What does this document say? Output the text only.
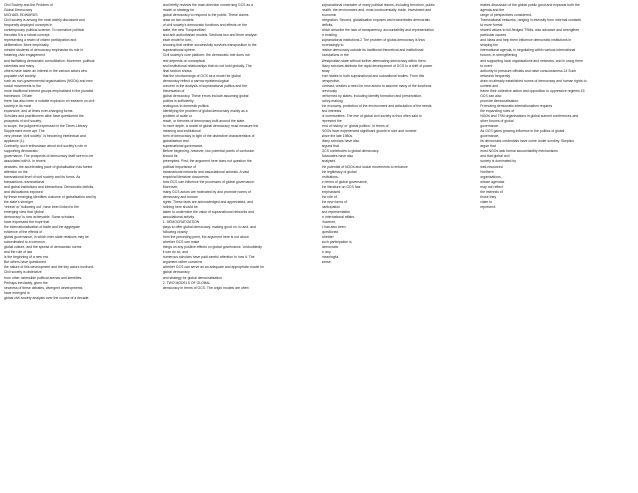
Civil Society and the Problem of

Global Democracy

MICHAEL EDWARDS

Civil society is among the most widely discussed and

frequently deployed concepts in

contemporary political science. To normative political

theorists it is a robust concept

representing a realm of citizen participation and

deliberation. More empirically

minded students of democracy emphasise its role in

fostering civic engagement

and facilitating democratic consolidation. Moreover, political

scientists and many

others have taken an interest in the various actors who

populate civil society,

such as non-governmental organisations (NGOs) and new

social movements to the

more traditional interest groups emphasised in the pluralist

framework. Of late

there has also been a notable explosion of research on civil

society in its most

expansive, and at times ever-changing forms.

Scholars and practitioners alike have questioned the

prospects of civil society,

in scope, the judgment expressed in the Times Literary

Supplement more apt. The

very phrase 'civil society', is becoming intellectual and

appliance (1).

Contrarily, such enthusiasm about civil society's role in

supporting democratic

governance. The prospects of democracy itself seem to be

associated with it. In recent

decades, the accelerating pace of globalisation has fueled

attention on the

transnational level of civil society and its forms. As

transactions, transnational

and global institutions and interactions. Democratic deficits,

and dislocations exposed

by these emerging identities outcome of globalisation and by

the state's stronger

'retreat' or 'hollowing out', have been linked to the

emerging view that 'global

democracy' is now achievable. Some scholars

have expressed the hope that

the internationalisation of trade and the aggregate

evidence of the effects of

global governance, in which inter-state relations may be

subordinated to a common

global culture, and the spread of democratic norms

and the rule of law

is the beginning of a new era.

But others have questioned

the nature of this development and the key actors involved.

Civil society is distinctive

from other ostensible political arenas and identities.

Perhaps inevitably, given the

newness of these debates, divergent developments

have emerged in

global civil society analysis over the course of a decade.

and briefly reviews the main direction concerning GCS as a

model or strategy for

global democracy to respond to the public. These claims

draw on two models

of civil society's democratic functions and effects on the

state, the new 'Tocquevillian'

and anti-authoritarian models. Sections two and three analyse

each model in turn,

showing that neither successfully survives transposition to the

supranational sphere.

Civil society's core platform: the democratic role does not

rest depends on conceptual

and institutional relationships that do not hold globally. The

final section shows

that the shortcomings of GCS as a model for global

democracy reflect a narrow epistemological

concern in the analysis of supranational politics and the

theorisation of

global democracy. These errors include assuming global

politics is sufficiently

analogous to domestic politics.

Identifying the problem of global democracy mainly as a

problem of scale or

reach, or theories of democracy built around the state.

In more depth, a model of global democracy must measure the

meaning and institutional

form of democracy in light of the distinctive characteristics of

globalisation and

supranational governance.

Before beginning, however, two potential points of confusion

should be

preempted. First, the argument here does not question the

political importance of

transnational networks and associational activists. A vast

empirical literature documents

how GCS can influence the processes of global governance.

Moreover,

many GCS actors are motivated by and promote norms of

democracy and human

rights. These facts are acknowledged and appreciated, and

nothing here should be

taken to undermine the value of supranational networks and

associational activity.

1. DEMOCRATIZATION

plays to offer global democracy: making good on, to and, and

following closely

from the preceding point, the argument here is not about

whether GCS can make

things on any positive effects on global governance. Undoubtedly

it can do so, and

numerous scholars have paid careful attention to how it. The

argument rather concerns

whether GCS can serve as an adequate and appropriate model for

global democracy

and strategy for global democratisation.

2. TWO MODELS OF GLOBAL

democracy in terms of GCS. The origin models are often

supranational character of many political issues, including terrorism, public

health, the environment and, most controversially, trade, investment and

economic

integration. Second, globalisation exposes and exacerbates democratic

deficits,

which describe the lack of transparency, accountability and representation

in existing

supranational institutions.2 The problem of global democracy is thus

increasingly to

realise democracy outside its traditional theoretical and institutional

foundations in the

Westphalian state without further attenuating democracy within them.

Many scholars attribute the rapid development of GCS to a shift of power

away

from states to both supranational and subnational bodies. From this

perspective,

contrast, creates a need for new actors to assume many of the functions

previously

performed by states, including identify formation and preservation,

policy-making,

the economy, protection of the environment and articulation of the needs

and interests

of communities. The rise of global civil society is thus often said to

represent the

'end of history' or 'global politics'. In terms of

NGOs have experienced significant growth in size and number

since the late 1980s.

Many scholars have also

argued that

GCS contributes to global democracy.

Advocates have also

analysed

the potential of NGOs and social movements to enhance

the legitimacy of global

institutions.

In terms of global governance,

the literature on GCS has

emphasised

the role of

the new forms of

participation

and representation

in international affairs.

However,

it has also been

questioned

whether

such participation is

democratic

in any

meaningful

sense.

makes discussion of the global public good and expands both the

agenda and the

range of perspectives considered.

Transnational networks, ranging in intensity from informal contacts

to more formal

shared values to full-fledged TSMs, also advance and strengthen

particular causes

and ideas and help them influence democratic institutions in

shaping the

international agenda, in negotiating within various international

forums, in strengthening

and supporting local organisations and networks, and in using them

to exert

authority to pressure officials and raise consciousness.14 Such

networks frequently

draw on already established norms of democracy and human rights to

contest and

frame their collective action and opposition to oppressive regimes.15

GCS can also

promote democratisation:

Promoting democratic internationalism requires

the expanding roles of

NGOs and TSM organisations in global summit conferences and

other forums of global

governance.

As GCS gains growing influence in the politics of global

governance,

its democratic credentials have come under scrutiny. Skeptics

argue that

most NGOs lack formal accountability mechanisms

and that global civil

society is dominated by

well-resourced

Northern

organisations,

whose agendas

may not reflect

the interests of

those they

claim to

represent.
